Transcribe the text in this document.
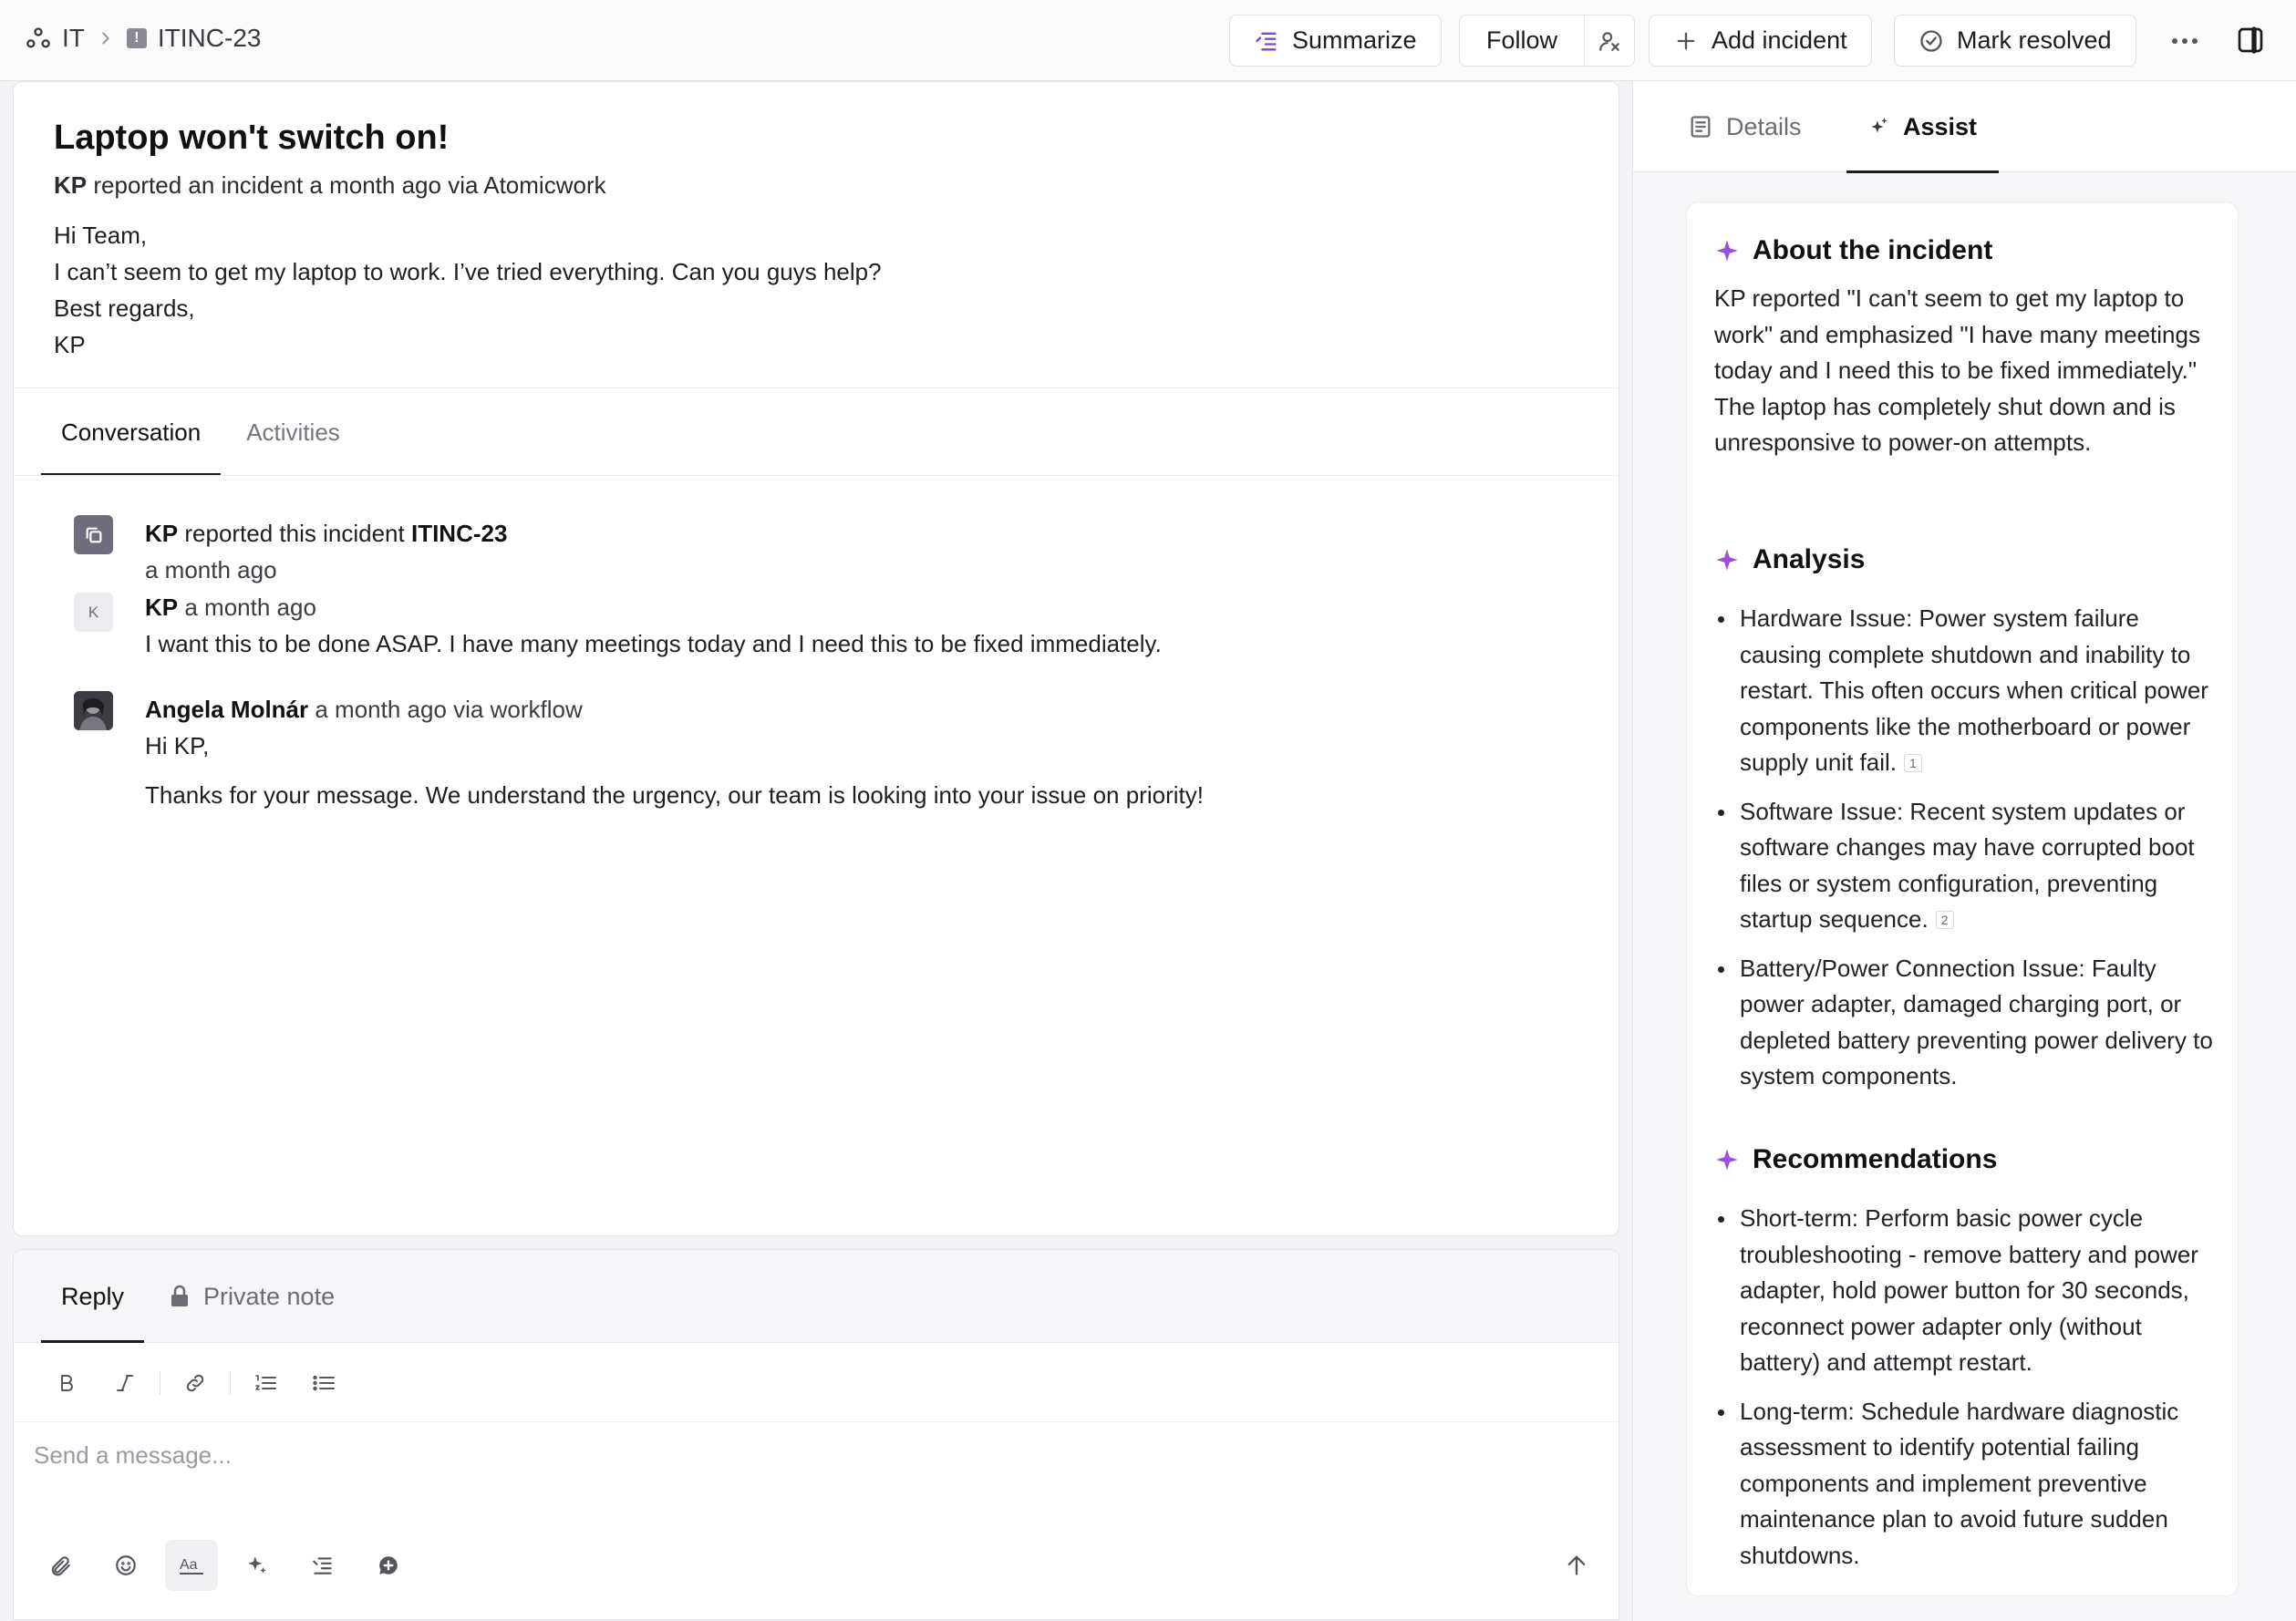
IT	! ITINC-23	Summarize	Follow	Add incident	Mark resolved
Laptop won't switch on!
KP reported an incident a month ago via Atomicwork
Hi Team,
I can’t seem to get my laptop to work. I’ve tried everything. Can you guys help?
Best regards,
KP
Conversation	Activities
KP reported this incident ITINC-23
a month ago
K	KP a month ago
I want this to be done ASAP. I have many meetings today and I need this to be fixed immediately.
Angela Molnár a month ago via workflow
Hi KP,
Thanks for your message. We understand the urgency, our team is looking into your issue on priority!
Reply	Private note
Send a message...
Aa
Details	Assist
About the incident
KP reported "I can't seem to get my laptop to work" and emphasized "I have many meetings today and I need this to be fixed immediately." The laptop has completely shut down and is unresponsive to power-on attempts.
Analysis
Hardware Issue: Power system failure causing complete shutdown and inability to restart. This often occurs when critical power components like the motherboard or power supply unit fail. 1
Software Issue: Recent system updates or software changes may have corrupted boot files or system configuration, preventing startup sequence. 2
Battery/Power Connection Issue: Faulty power adapter, damaged charging port, or depleted battery preventing power delivery to system components.
Recommendations
Short-term: Perform basic power cycle troubleshooting - remove battery and power adapter, hold power button for 30 seconds, reconnect power adapter only (without battery) and attempt restart.
Long-term: Schedule hardware diagnostic assessment to identify potential failing components and implement preventive maintenance plan to avoid future sudden shutdowns.
